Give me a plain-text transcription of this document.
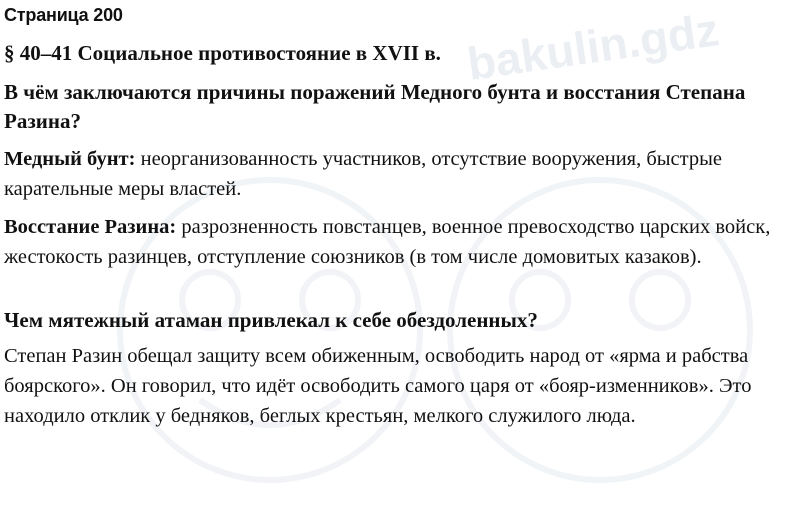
bakulin.gdz
Страница 200
§ 40–41 Социальное противостояние в XVII в.
В чём заключаются причины поражений Медного бунта и восстания Степана Разина?

Медный бунт: неорганизованность участников, отсутствие вооружения, быстрые карательные меры властей.

Восстание Разина: разрозненность повстанцев, военное превосходство царских войск, жестокость разинцев, отступление союзников (в том числе домовитых казаков).

Чем мятежный атаман привлекал к себе обездоленных?

Степан Разин обещал защиту всем обиженным, освободить народ от «ярма и рабства боярского». Он говорил, что идёт освободить самого царя от «бояр-изменников». Это находило отклик у бедняков, беглых крестьян, мелкого служилого люда.
